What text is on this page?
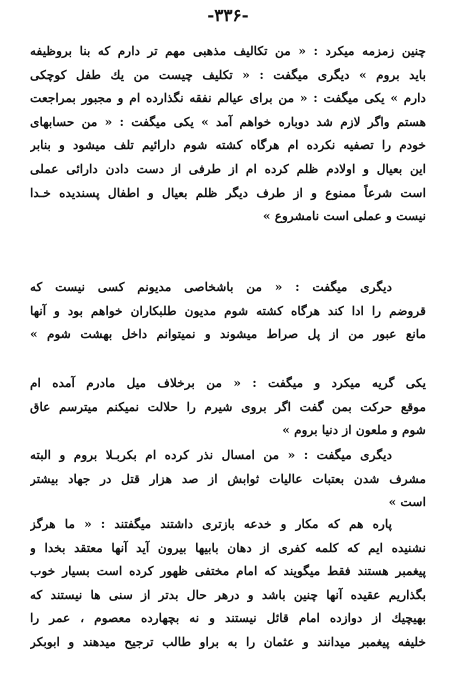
-۳۳۶-
چنین زمزمه میکرد : « من تکالیف مذهبی مهم تر دارم که بنا بروظیفه
باید بروم » دیگری میگفت : « تکلیف چیست من یك طفل کوچکی
دارم » یکی میگفت : « من برای عیالم نفقه نگذارده ام و مجبور بمراجعت
هستم واگر لازم شد دوباره خواهم آمد » یکی میگفت : « من حسابهای
خودم را تصفیه نکرده ام هرگاه کشته شوم دارائیم تلف میشود و بنابر
این بعیال و اولادم ظلم کرده ام از طرفی از دست دادن دارائی عملی
است شرعاً ممنوع و از طرف دیگر ظلم بعیال و اطفال پسندیده خـدا
نیست و عملی است نامشروع »
دیگری میگفت : « من باشخاصی مدیونم کسی نیست که
قروضم را ادا کند هرگاه کشته شوم مدیون طلبکاران خواهم بود و آنها
مانع عبور من از پل صراط میشوند و نمیتوانم داخل بهشت شوم »
یکی گریه میکرد و میگفت : « من برخلاف میل مادرم آمده ام
موقع حرکت بمن گفت اگر بروی شیرم را حلالت نمیکنم میترسم عاق
شوم و ملعون از دنیا بروم »
دیگری میگفت : « من امسال نذر کرده ام بکربـلا بروم و البته
مشرف شدن بعتبات عالیات ثوابش از صد هزار قتل در جهاد بیشتر
است »
پاره هم که مکار و خدعه بازتری داشتند میگفتند : « ما هرگز
نشنیده ایم که کلمه کفری از دهان بابیها بیرون آید آنها معتقد بخدا و
پیغمبر هستند فقط میگویند که امام مختفی ظهور کرده است بسیار خوب
بگذاریم عقیده آنها چنین باشد و درهر حال بدتر از سنی ها نیستند که
بهیچیك از دوازده امام قائل نیستند و نه بچهارده معصوم ، عمر را
خلیفه پیغمبر میدانند و عثمان را به براو طالب ترجیح میدهند و ابوبکر
